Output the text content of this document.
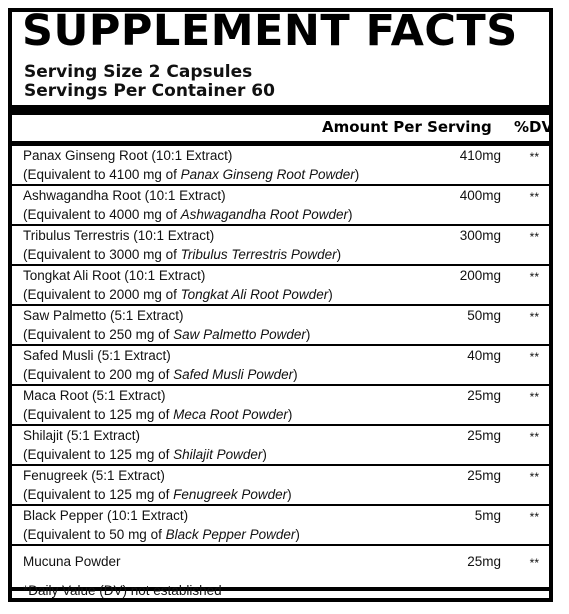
SUPPLEMENT FACTS
Serving Size 2 Capsules
Servings Per Container 60
Amount Per Serving %DV
Panax Ginseng Root (10:1 Extract)
(Equivalent to 4100 mg of Panax Ginseng Root Powder)
410mg **
Ashwagandha Root (10:1 Extract)
(Equivalent to 4000 mg of Ashwagandha Root Powder)
400mg **
Tribulus Terrestris (10:1 Extract)
(Equivalent to 3000 mg of Tribulus Terrestris Powder)
300mg **
Tongkat Ali Root (10:1 Extract)
(Equivalent to 2000 mg of Tongkat Ali Root Powder)
200mg **
Saw Palmetto (5:1 Extract)
(Equivalent to 250 mg of Saw Palmetto Powder)
50mg **
Safed Musli (5:1 Extract)
(Equivalent to 200 mg of Safed Musli Powder)
40mg **
Maca Root (5:1 Extract)
(Equivalent to 125 mg of Meca Root Powder)
25mg **
Shilajit (5:1 Extract)
(Equivalent to 125 mg of Shilajit Powder)
25mg **
Fenugreek (5:1 Extract)
(Equivalent to 125 mg of Fenugreek Powder)
25mg **
Black Pepper (10:1 Extract)
(Equivalent to 50 mg of Black Pepper Powder)
5mg **
Mucuna Powder	25mg **
*Daily Value (DV) not established
